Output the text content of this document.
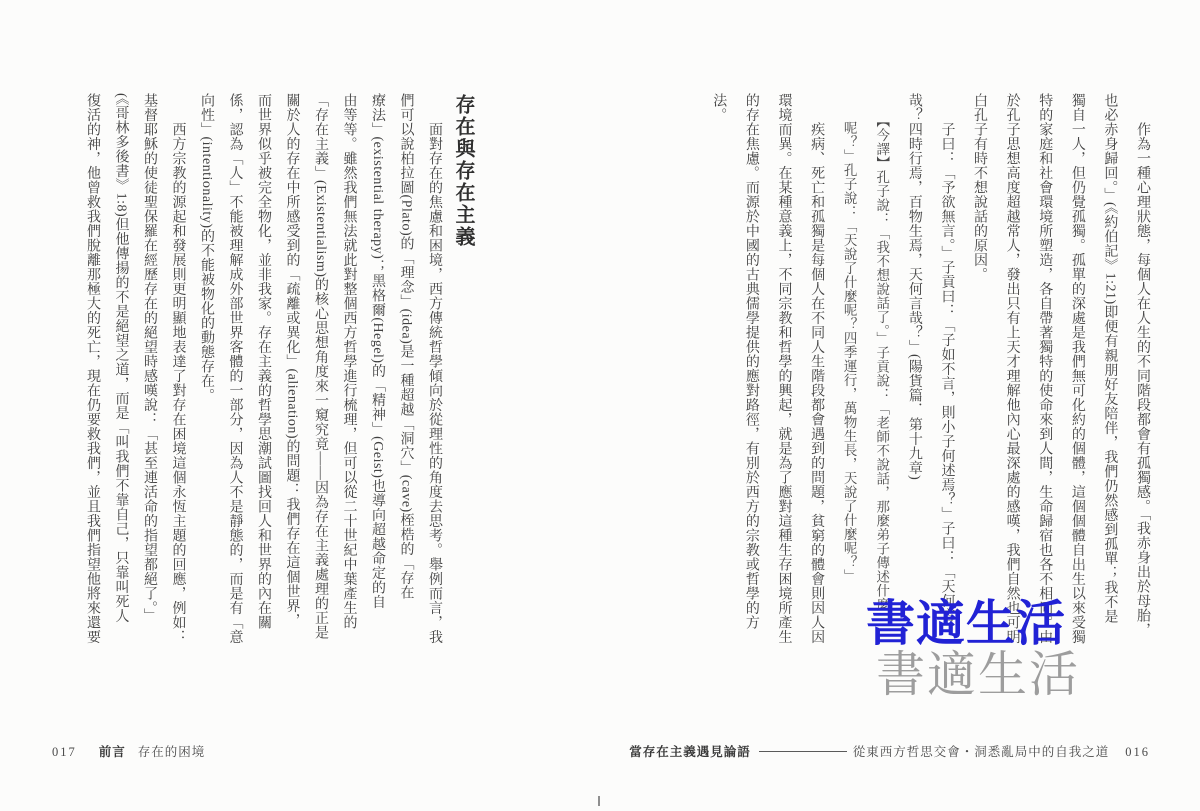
　　作為一種心理狀態，每個人在人生的不同階段都會有孤獨感。「我赤身出於母胎，
也必赤身歸回。」(《約伯記》1:21)即便有親朋好友陪伴，我們仍然感到孤單；我不是
獨自一人，但仍覺孤獨。孤單的深處是我們無可化約的個體，這個個體自出生以來受獨
特的家庭和社會環境所塑造，各自帶著獨特的使命來到人間，生命歸宿也各不相同。由
於孔子思想高度超越常人，發出只有上天才理解他內心最深處的感嘆，我們自然也可明
白孔子有時不想說話的原因。
　　子曰：「予欲無言。」子貢曰：「子如不言，則小子何述焉？」子曰：「天何言
哉？四時行焉，百物生焉，天何言哉？」(陽貨篇．第十九章)
　　【今譯】孔子說：「我不想說話了。」子貢說：「老師不說話，那麼弟子傳述什麼
　　呢？」孔子說：「天說了什麼呢？四季運行，萬物生長，天說了什麼呢？」
　　疾病、死亡和孤獨是每個人在不同人生階段都會遇到的問題，貧窮的體會則因人因
環境而異。在某種意義上，不同宗教和哲學的興起，就是為了應對這種生存困境所產生
的存在焦慮。而源於中國的古典儒學提供的應對路徑，有別於西方的宗教或哲學的方
法。
當存在主義遇見論語	從東西方哲思交會・洞悉亂局中的自我之道 016
存在與存在主義
　　面對存在的焦慮和困境，西方傳統哲學傾向於從理性的角度去思考。舉例而言，我
們可以說柏拉圖(Plato)的「理念」(idea)是一種超越「洞穴」(cave)桎梏的「存在
療法」(existential therapy)；黑格爾(Hegel)的「精神」(Geist)也導向超越命定的自
由等等。雖然我們無法就此對整個西方哲學進行梳理，但可以從二十世紀中葉產生的
「存在主義」(Existentialism)的核心思想角度來一窺究竟——因為存在主義處理的正是
關於人的存在中所感受到的「疏離或異化」(alienation)的問題：我們存在這個世界，
而世界似乎被完全物化，並非我家。存在主義的哲學思潮試圖找回人和世界的內在關
係，認為「人」不能被理解成外部世界客體的一部分，因為人不是靜態的，而是有「意
向性」(intentionality)的不能被物化的動態存在。
　　西方宗教的源起和發展則更明顯地表達了對存在困境這個永恆主題的回應，例如：
基督耶穌的使徒聖保羅在經歷存在的絕望時感嘆說：「甚至連活命的指望都絕了。」
(《哥林多後書》1:8)但他傳揚的不是絕望之道，而是「叫我們不靠自己，只靠叫死人
復活的神，他曾救我們脫離那極大的死亡，現在仍要救我們，並且我們指望他將來還要
017 前言 存在的困境
書適生活
書適生活
